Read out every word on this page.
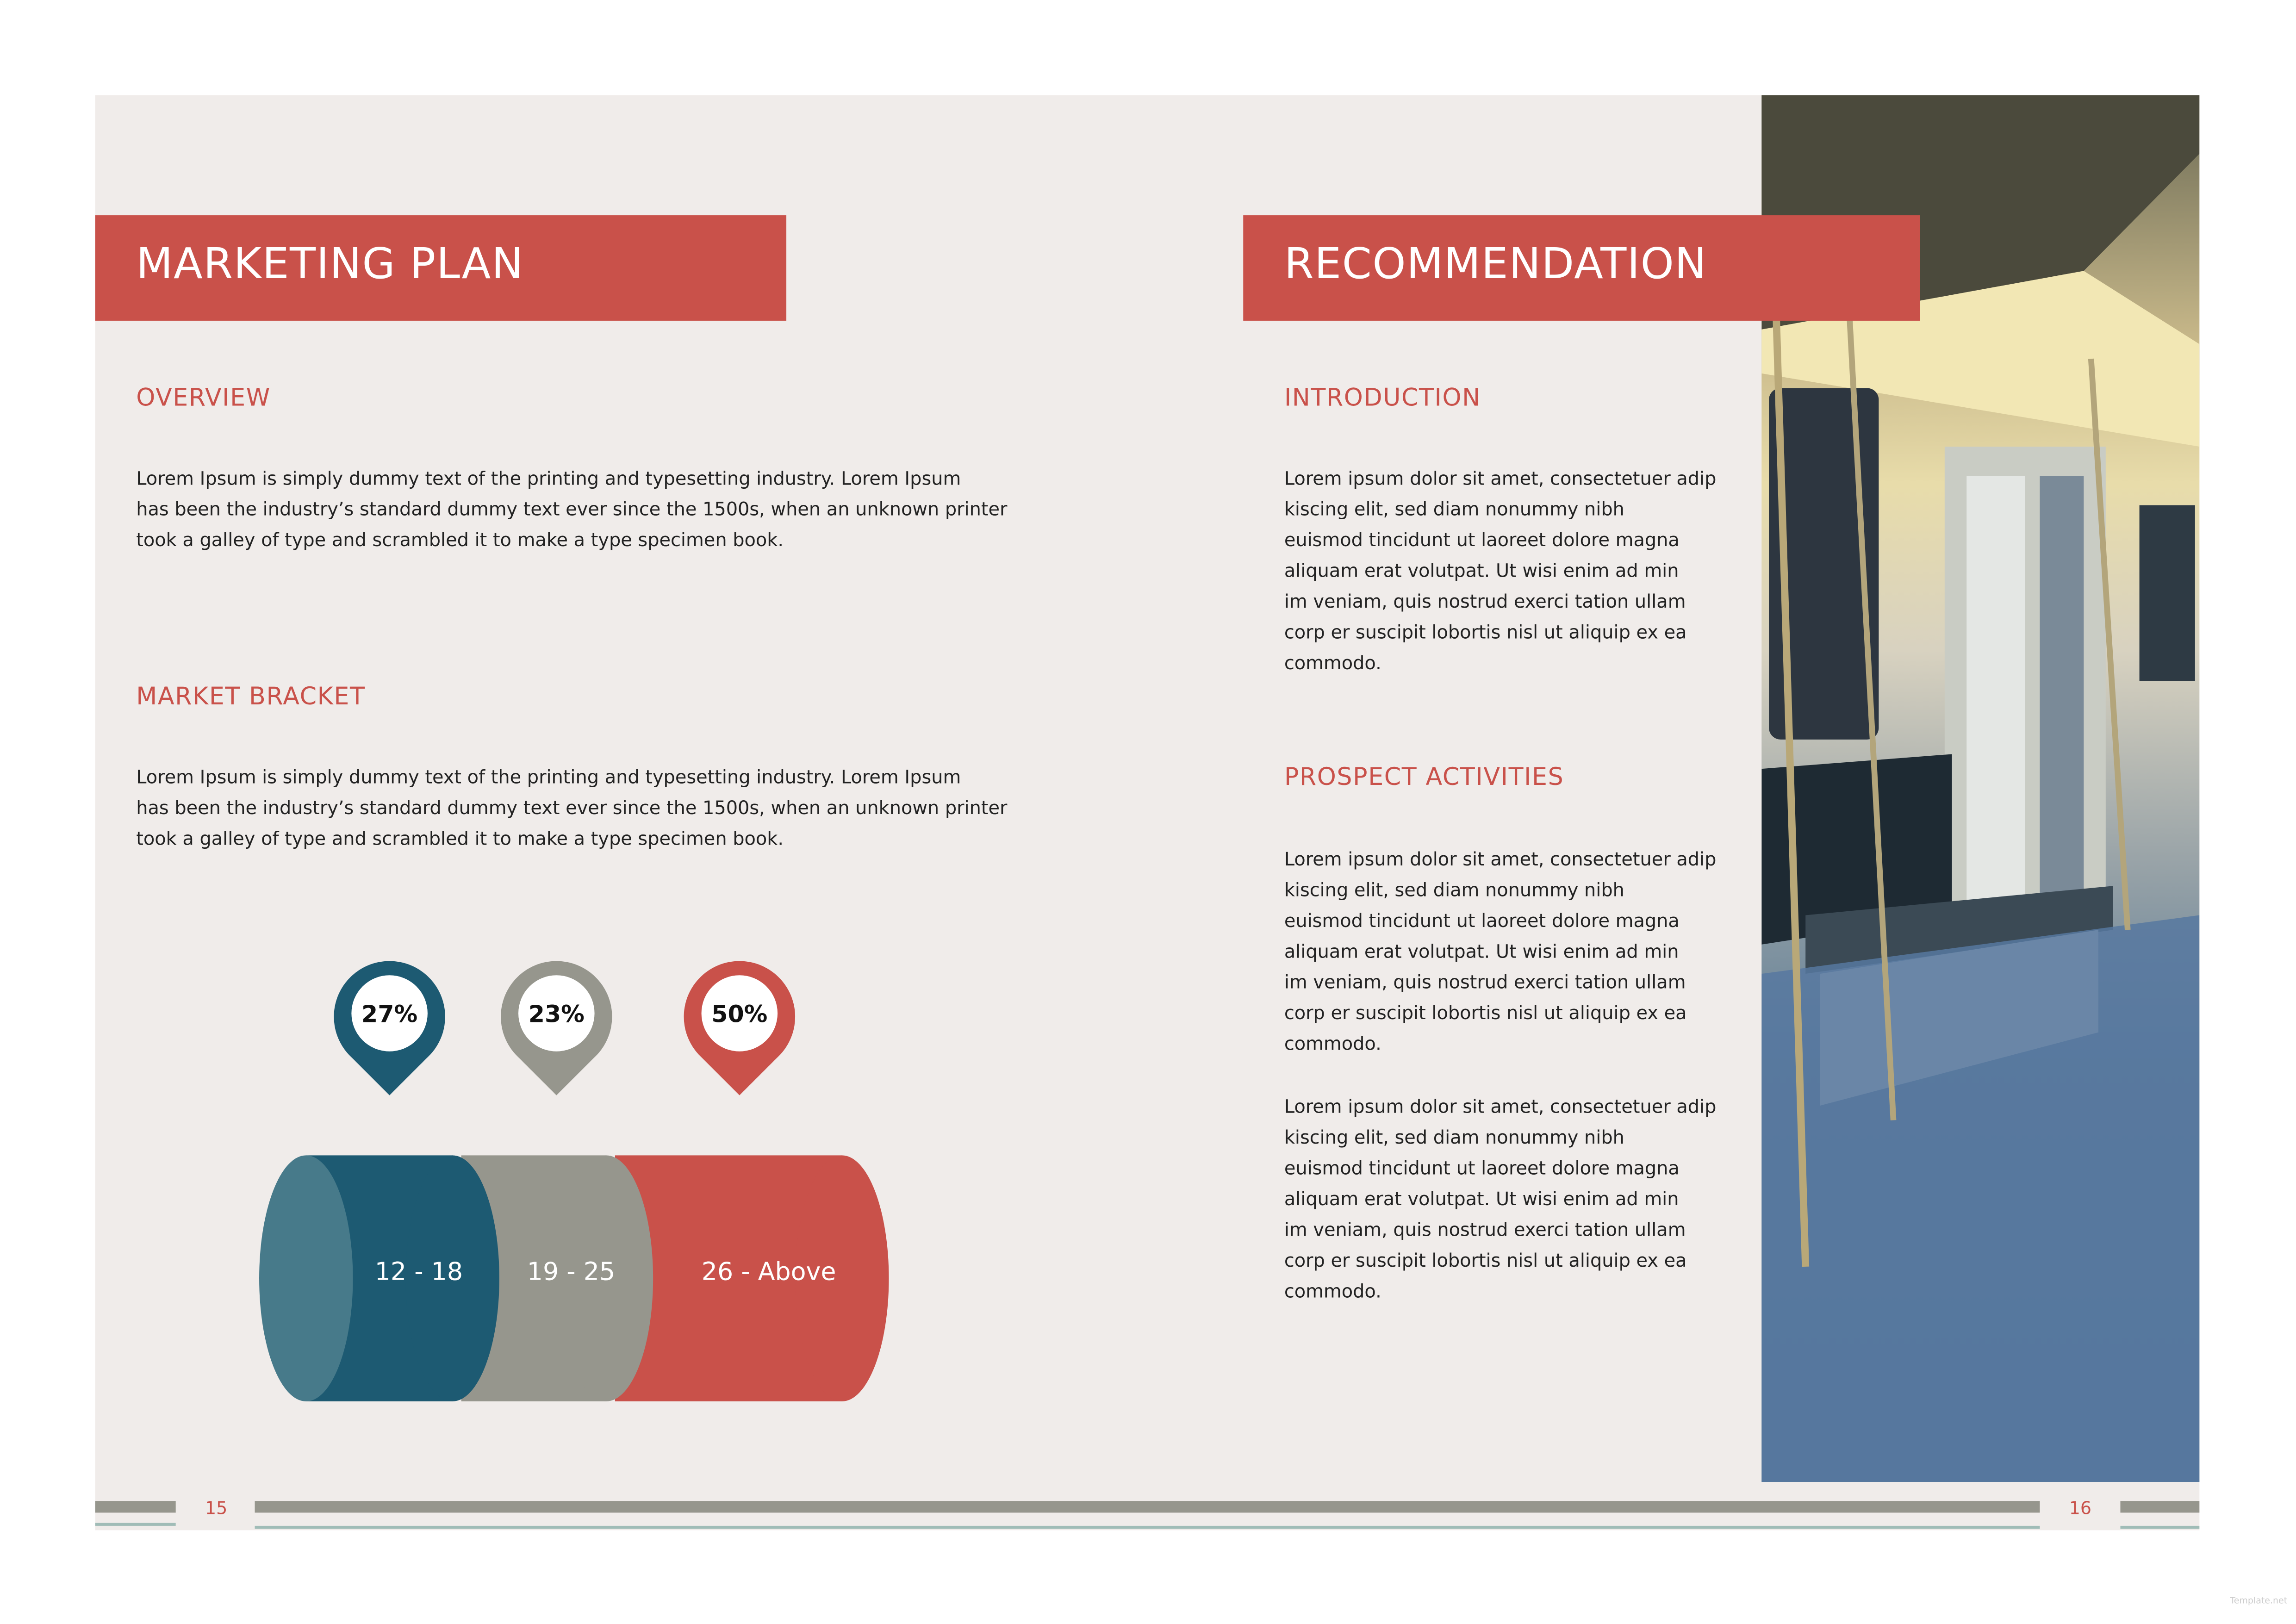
MARKETING PLAN
OVERVIEW
Lorem Ipsum is simply dummy text of the printing and typesetting industry. Lorem Ipsum
has been the industry’s standard dummy text ever since the 1500s, when an unknown printer
took a galley of type and scrambled it to make a type specimen book.
MARKET BRACKET
Lorem Ipsum is simply dummy text of the printing and typesetting industry. Lorem Ipsum
has been the industry’s standard dummy text ever since the 1500s, when an unknown printer
took a galley of type and scrambled it to make a type specimen book.
27%	23%	50%
12 - 18	19 - 25	26 - Above
RECOMMENDATION
INTRODUCTION
Lorem ipsum dolor sit amet, consectetuer adip
kiscing elit, sed diam nonummy nibh
euismod tincidunt ut laoreet dolore magna
aliquam erat volutpat. Ut wisi enim ad min
im veniam, quis nostrud exerci tation ullam
corp er suscipit lobortis nisl ut aliquip ex ea
commodo.
PROSPECT ACTIVITIES
Lorem ipsum dolor sit amet, consectetuer adip
kiscing elit, sed diam nonummy nibh
euismod tincidunt ut laoreet dolore magna
aliquam erat volutpat. Ut wisi enim ad min
im veniam, quis nostrud exerci tation ullam
corp er suscipit lobortis nisl ut aliquip ex ea
commodo.
Lorem ipsum dolor sit amet, consectetuer adip
kiscing elit, sed diam nonummy nibh
euismod tincidunt ut laoreet dolore magna
aliquam erat volutpat. Ut wisi enim ad min
im veniam, quis nostrud exerci tation ullam
corp er suscipit lobortis nisl ut aliquip ex ea
commodo.
15	16
Template.net
